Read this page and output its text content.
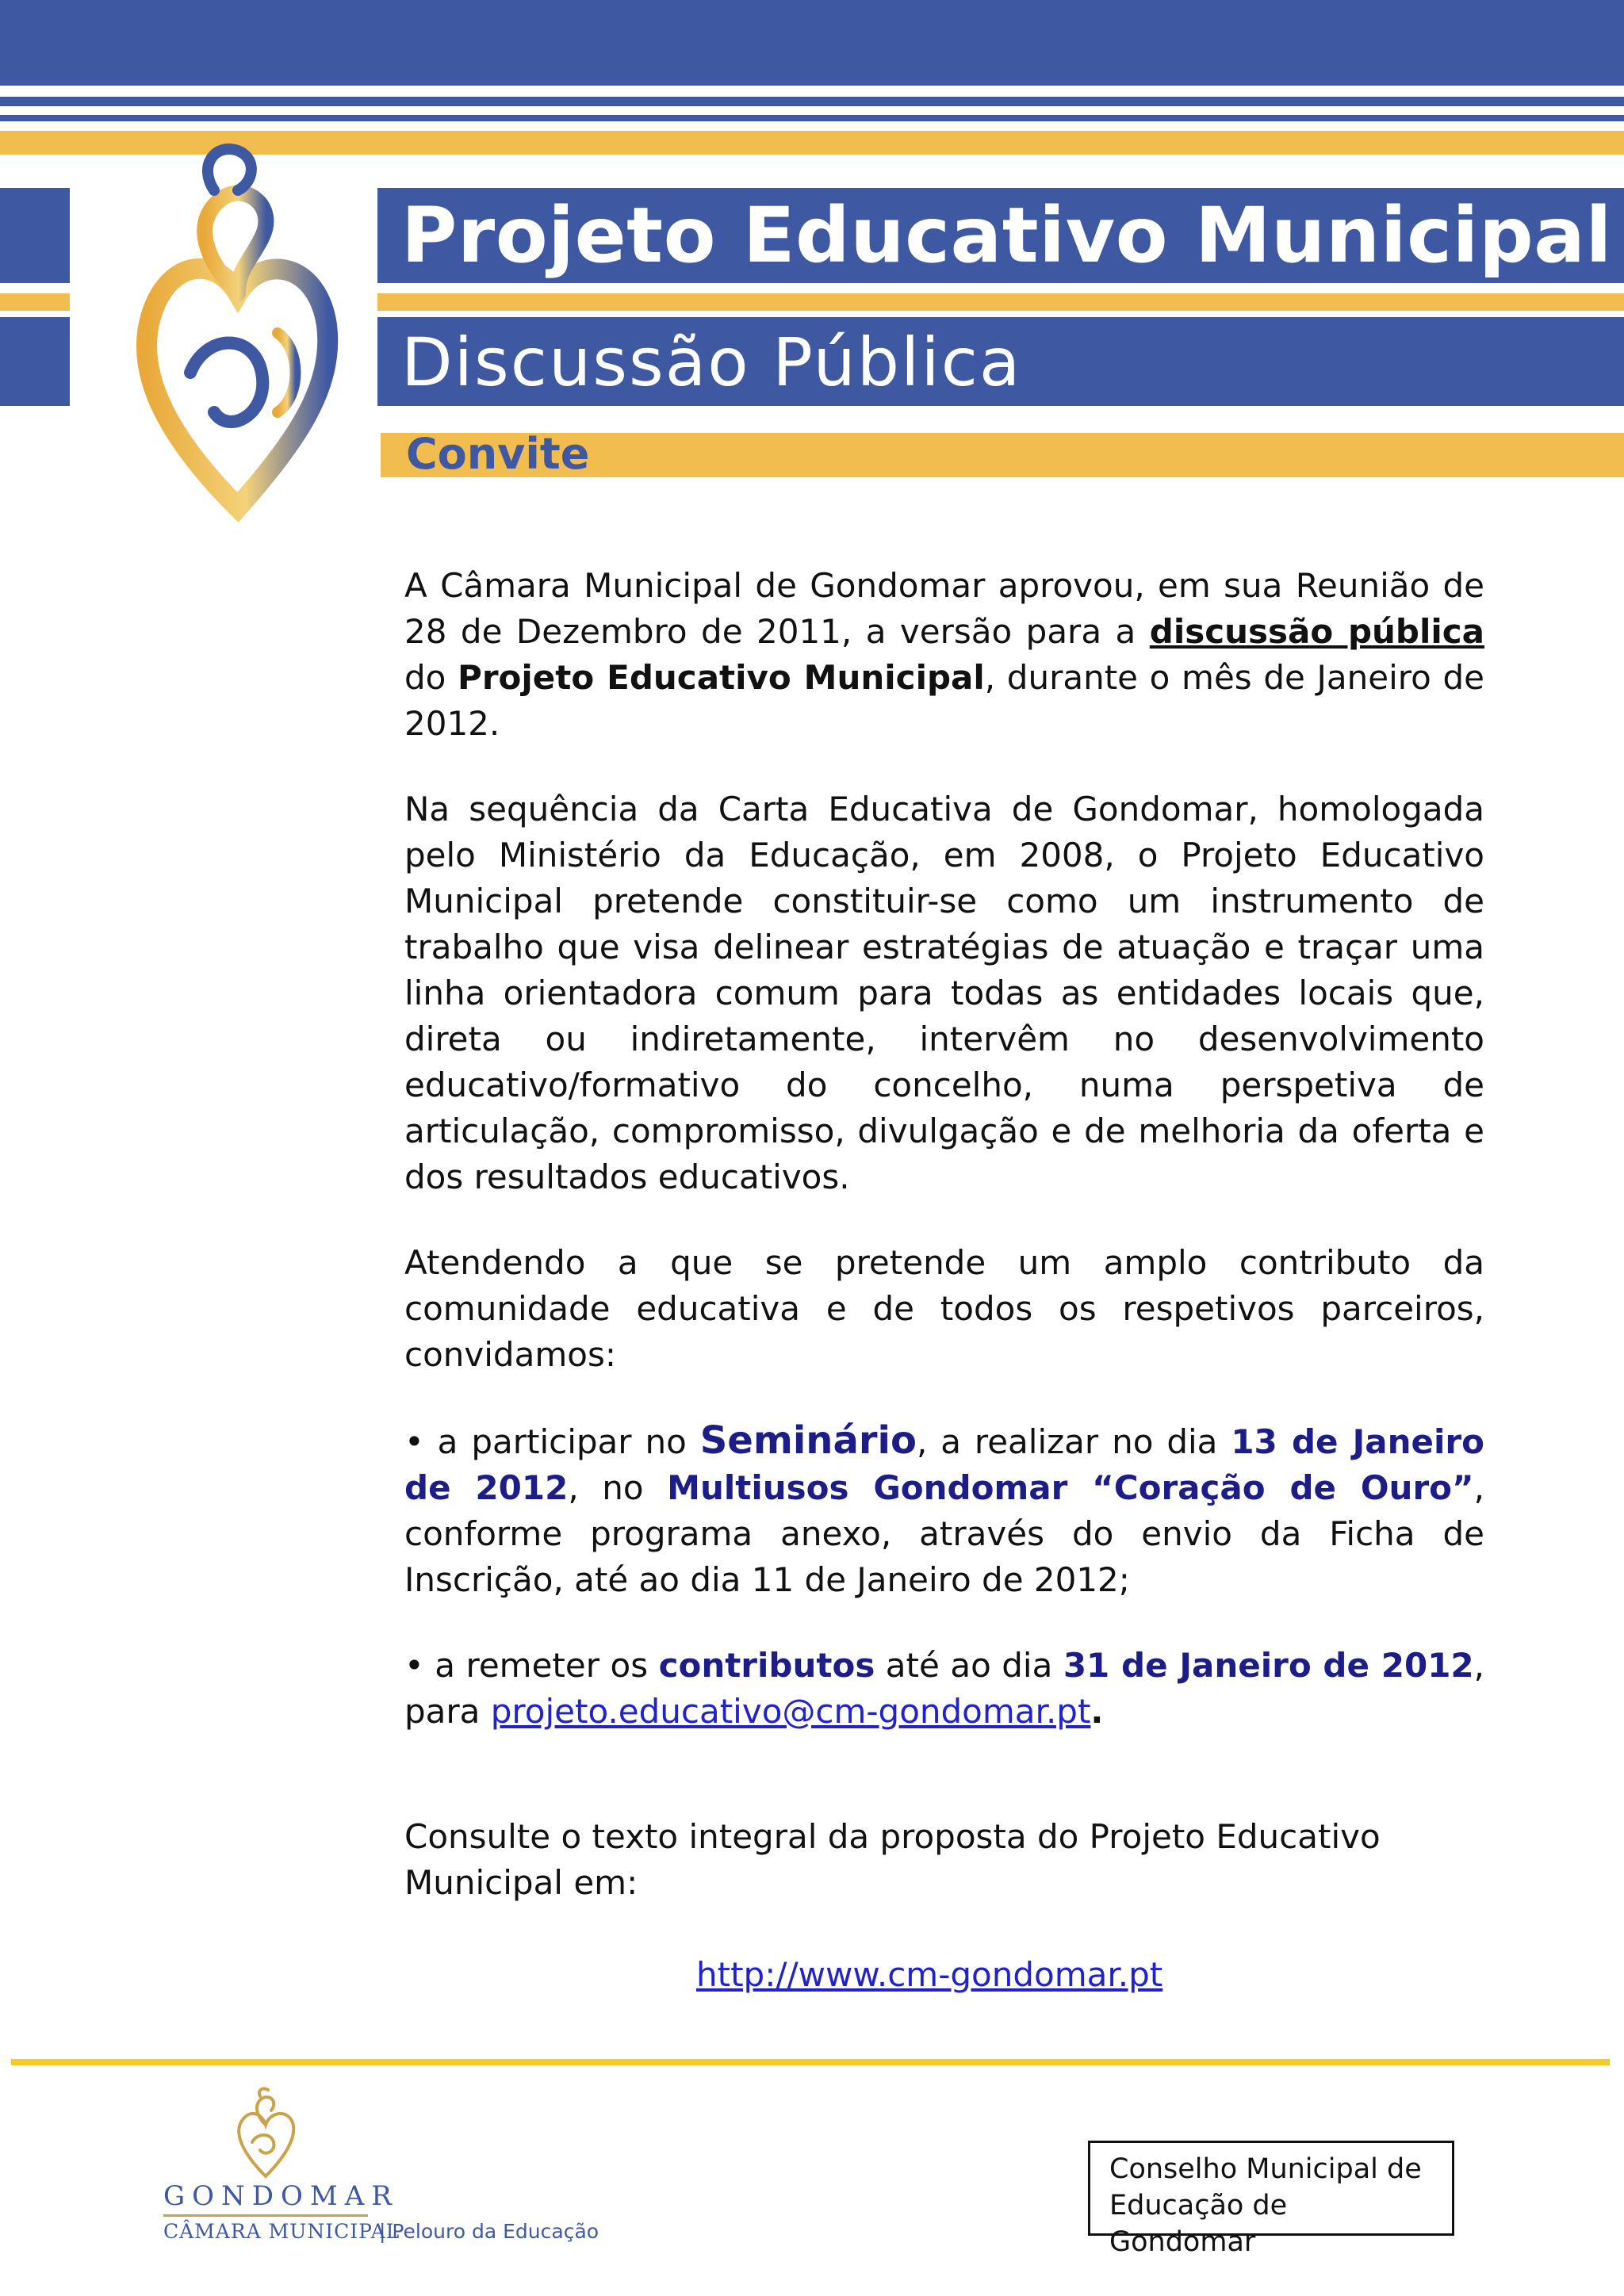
Projeto Educativo Municipal
Discussão Pública
Convite

A Câmara Municipal de Gondomar aprovou, em sua Reunião de 28 de Dezembro de 2011, a versão para a discussão pública do Projeto Educativo Municipal, durante o mês de Janeiro de 2012.

Na sequência da Carta Educativa de Gondomar, homologada pelo Ministério da Educação, em 2008, o Projeto Educativo Municipal pretende constituir-se como um instrumento de trabalho que visa delinear estratégias de atuação e traçar uma linha orientadora comum para todas as entidades locais que, direta ou indiretamente, intervêm no desenvolvimento educativo/formativo do concelho, numa perspetiva de articulação, compromisso, divulgação e de melhoria da oferta e dos resultados educativos.

Atendendo a que se pretende um amplo contributo da comunidade educativa e de todos os respetivos parceiros, convidamos:

• a participar no Seminário, a realizar no dia 13 de Janeiro de 2012, no Multiusos Gondomar “Coração de Ouro”, conforme programa anexo, através do envio da Ficha de Inscrição, até ao dia 11 de Janeiro de 2012;

• a remeter os contributos até ao dia 31 de Janeiro de 2012, para projeto.educativo@cm-gondomar.pt.

Consulte o texto integral da proposta do Projeto Educativo Municipal em:

http://www.cm-gondomar.pt
GONDOMAR
CÂMARA MUNICIPAL
| Pelouro da Educação
Conselho Municipal de
Educação de Gondomar
